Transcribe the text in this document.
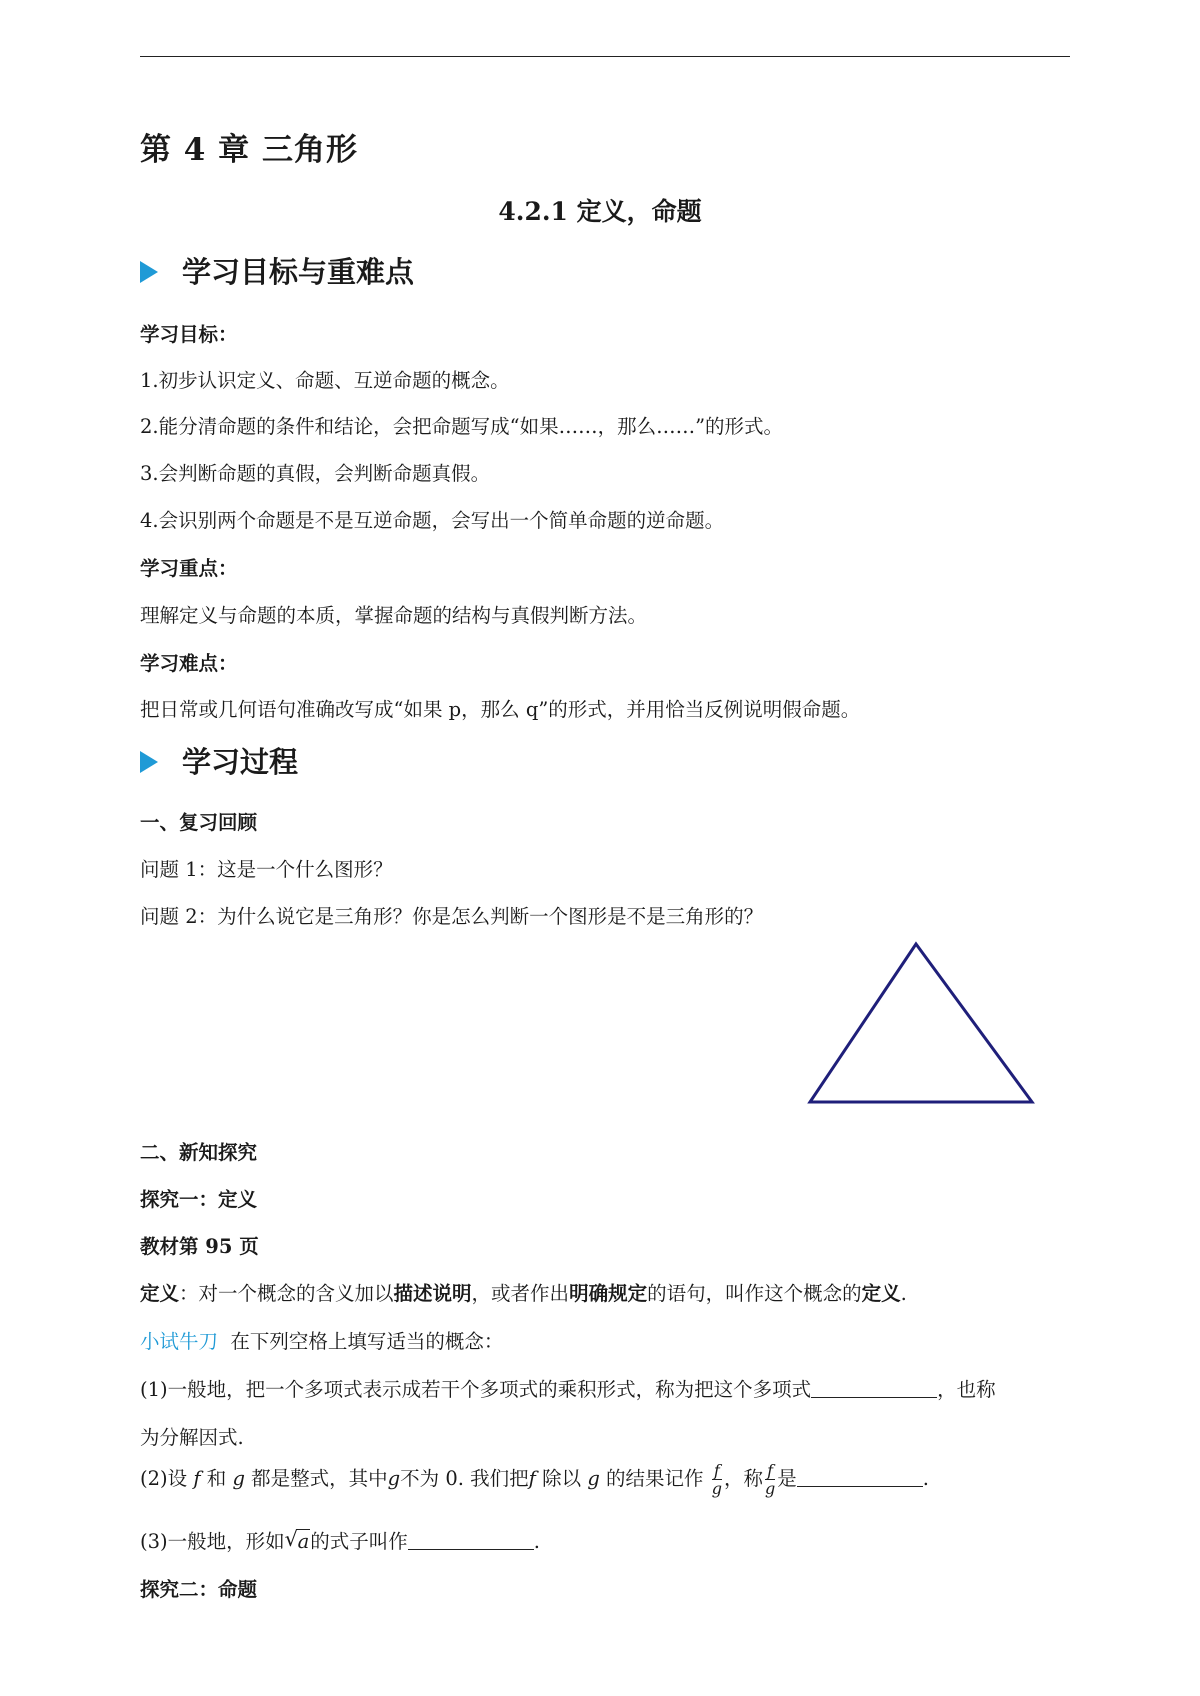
第 4 章 三角形
4.2.1 定义，命题
学习目标与重难点
学习目标：
1.初步认识定义、命题、互逆命题的概念。
2.能分清命题的条件和结论，会把命题写成“如果……，那么……”的形式。
3.会判断命题的真假，会判断命题真假。
4.会识别两个命题是不是互逆命题，会写出一个简单命题的逆命题。
学习重点：
理解定义与命题的本质，掌握命题的结构与真假判断方法。
学习难点：
把日常或几何语句准确改写成“如果 p，那么 q”的形式，并用恰当反例说明假命题。
学习过程
一、复习回顾
问题 1：这是一个什么图形？
问题 2：为什么说它是三角形？你是怎么判断一个图形是不是三角形的？
二、新知探究
探究一：定义
教材第 95 页
定义：对一个概念的含义加以描述说明，或者作出明确规定的语句，叫作这个概念的定义.
小试牛刀 在下列空格上填写适当的概念：
(1)一般地，把一个多项式表示成若干个多项式的乘积形式，称为把这个多项式	，也称
为分解因式.
(2)设 f 和 g 都是整式，其中g不为 0. 我们把f 除以 g 的结果记作 $\frac{f}{g}$ ，称 $\frac{f}{g}$ 是	.
(3)一般地，形如 √ a的式子叫作	.
探究二：命题
